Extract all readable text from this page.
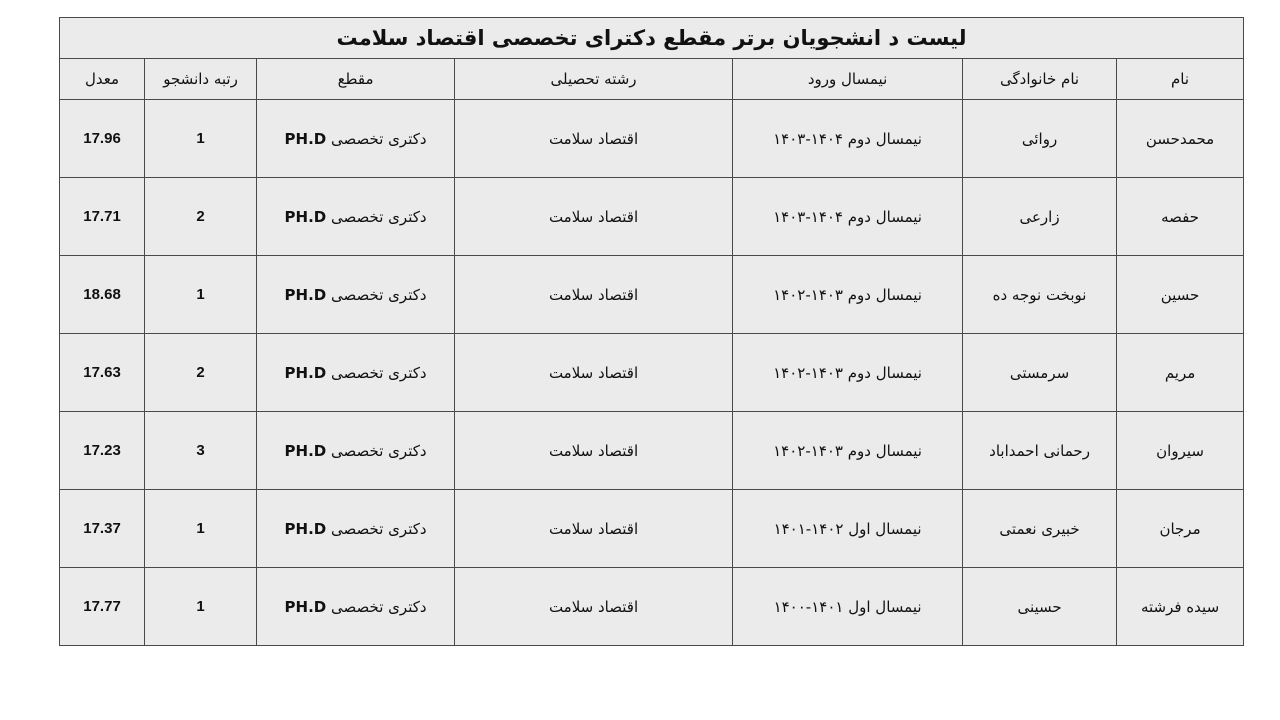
لیست د انشجویان برتر مقطع دکترای تخصصی اقتصاد سلامت						
نام	نام خانوادگی	نیمسال ورود	رشته تحصیلی	مقطع	رتبه دانشجو	معدل
محمدحسن	روائی	نیمسال دوم ۱۴۰۴-۱۴۰۳	اقتصاد سلامت	دکتری تخصصی PH.D	1	17.96
حفصه	زارعی	نیمسال دوم ۱۴۰۴-۱۴۰۳	اقتصاد سلامت	دکتری تخصصی PH.D	2	17.71
حسین	نوبخت نوجه ده	نیمسال دوم ۱۴۰۳-۱۴۰۲	اقتصاد سلامت	دکتری تخصصی PH.D	1	18.68
مریم	سرمستی	نیمسال دوم ۱۴۰۳-۱۴۰۲	اقتصاد سلامت	دکتری تخصصی PH.D	2	17.63
سیروان	رحمانی احمداباد	نیمسال دوم ۱۴۰۳-۱۴۰۲	اقتصاد سلامت	دکتری تخصصی PH.D	3	17.23
مرجان	خبیری نعمتی	نیمسال اول ۱۴۰۲-۱۴۰۱	اقتصاد سلامت	دکتری تخصصی PH.D	1	17.37
سیده فرشته	حسینی	نیمسال اول ۱۴۰۱-۱۴۰۰	اقتصاد سلامت	دکتری تخصصی PH.D	1	17.77
